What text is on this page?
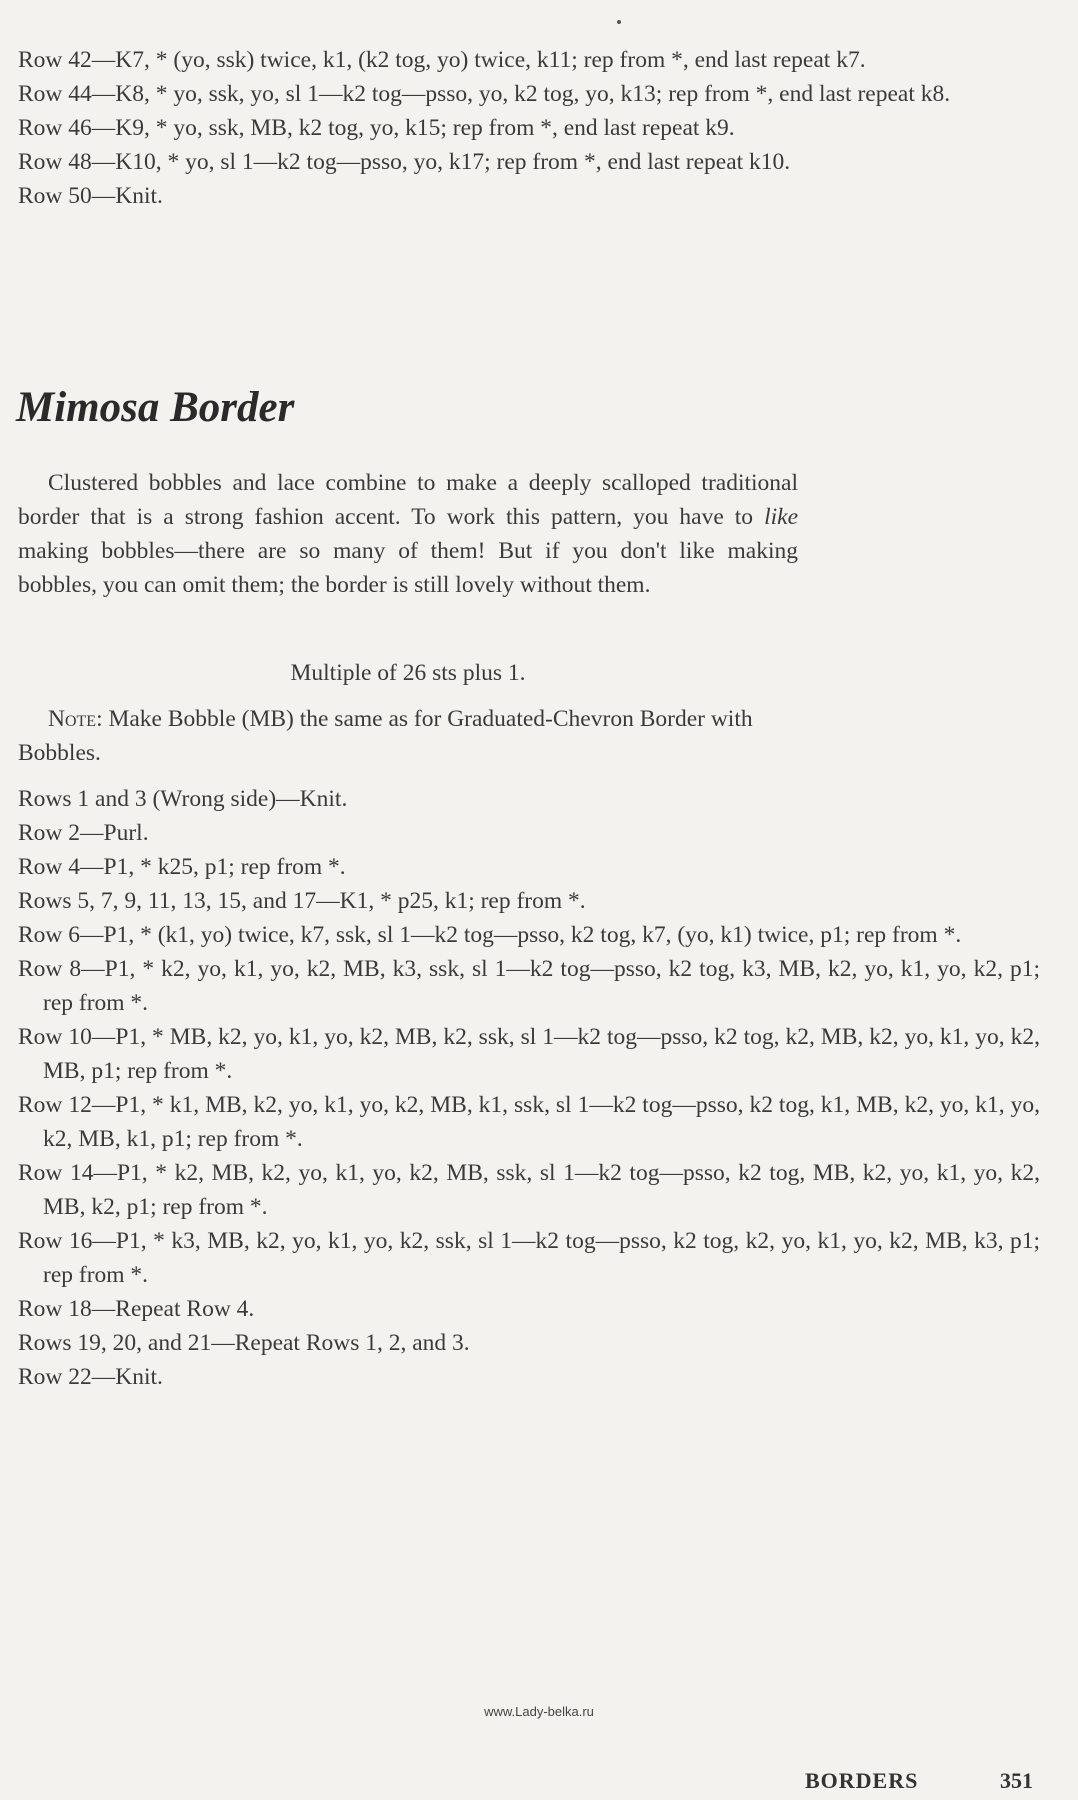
Row 42—K7, * (yo, ssk) twice, k1, (k2 tog, yo) twice, k11; rep from *, end last repeat k7.

Row 44—K8, * yo, ssk, yo, sl 1—k2 tog—psso, yo, k2 tog, yo, k13; rep from *, end last repeat k8.

Row 46—K9, * yo, ssk, MB, k2 tog, yo, k15; rep from *, end last repeat k9.

Row 48—K10, * yo, sl 1—k2 tog—psso, yo, k17; rep from *, end last repeat k10.

Row 50—Knit.

Mimosa Border

Clustered bobbles and lace combine to make a deeply scalloped traditional border that is a strong fashion accent. To work this pattern, you have to like making bobbles—there are so many of them! But if you don't like making bobbles, you can omit them; the border is still lovely without them.

Multiple of 26 sts plus 1.

Note: Make Bobble (MB) the same as for Graduated-Chevron Border with Bobbles.

Rows 1 and 3 (Wrong side)—Knit.

Row 2—Purl.

Row 4—P1, * k25, p1; rep from *.

Rows 5, 7, 9, 11, 13, 15, and 17—K1, * p25, k1; rep from *.

Row 6—P1, * (k1, yo) twice, k7, ssk, sl 1—k2 tog—psso, k2 tog, k7, (yo, k1) twice, p1; rep from *.

Row 8—P1, * k2, yo, k1, yo, k2, MB, k3, ssk, sl 1—k2 tog—psso, k2 tog, k3, MB, k2, yo, k1, yo, k2, p1; rep from *.

Row 10—P1, * MB, k2, yo, k1, yo, k2, MB, k2, ssk, sl 1—k2 tog—psso, k2 tog, k2, MB, k2, yo, k1, yo, k2, MB, p1; rep from *.

Row 12—P1, * k1, MB, k2, yo, k1, yo, k2, MB, k1, ssk, sl 1—k2 tog—psso, k2 tog, k1, MB, k2, yo, k1, yo, k2, MB, k1, p1; rep from *.

Row 14—P1, * k2, MB, k2, yo, k1, yo, k2, MB, ssk, sl 1—k2 tog—psso, k2 tog, MB, k2, yo, k1, yo, k2, MB, k2, p1; rep from *.

Row 16—P1, * k3, MB, k2, yo, k1, yo, k2, ssk, sl 1—k2 tog—psso, k2 tog, k2, yo, k1, yo, k2, MB, k3, p1; rep from *.

Row 18—Repeat Row 4.

Rows 19, 20, and 21—Repeat Rows 1, 2, and 3.

Row 22—Knit.

www.Lady-belka.ru
BORDERS	351
